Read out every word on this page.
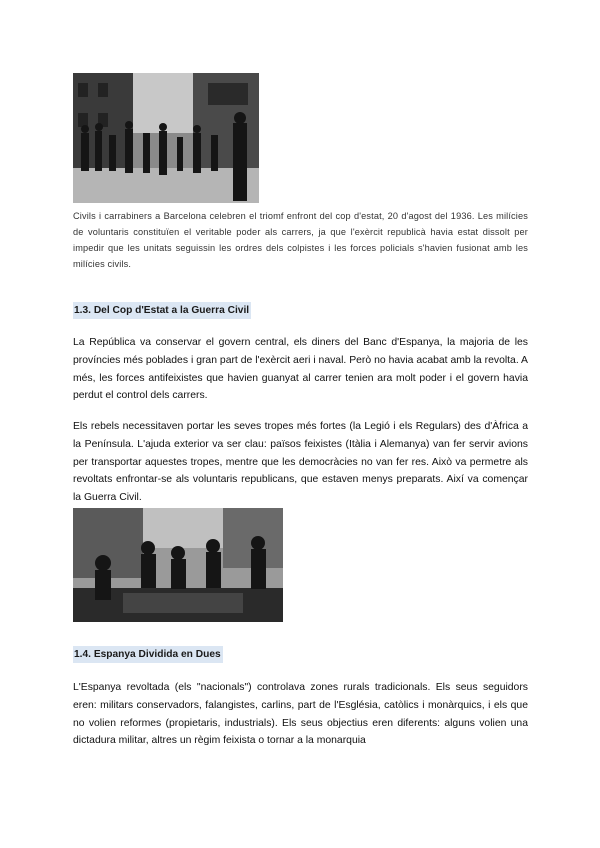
Civils i carrabiners a Barcelona celebren el triomf enfront del cop d'estat, 20 d'agost del 1936. Les milícies de voluntaris constituïen el veritable poder als carrers, ja que l'exèrcit republicà havia estat dissolt per impedir que les unitats seguissin les ordres dels colpistes i les forces policials s'havien fusionat amb les milícies civils.
1.3. Del Cop d'Estat a la Guerra Civil

La República va conservar el govern central, els diners del Banc d'Espanya, la majoria de les províncies més poblades i gran part de l'exèrcit aeri i naval. Però no havia acabat amb la revolta. A més, les forces antifeixistes que havien guanyat al carrer tenien ara molt poder i el govern havia perdut el control dels carrers.

Els rebels necessitaven portar les seves tropes més fortes (la Legió i els Regulars) des d'Àfrica a la Península. L'ajuda exterior va ser clau: països feixistes (Itàlia i Alemanya) van fer servir avions per transportar aquestes tropes, mentre que les democràcies no van fer res. Això va permetre als revoltats enfrontar-se als voluntaris republicans, que estaven menys preparats. Així va començar la Guerra Civil.

1.4. Espanya Dividida en Dues

L'Espanya revoltada (els "nacionals") controlava zones rurals tradicionals. Els seus seguidors eren: militars conservadors, falangistes, carlins, part de l'Església, catòlics i monàrquics, i els que no volien reformes (propietaris, industrials). Els seus objectius eren diferents: alguns volien una dictadura militar, altres un règim feixista o tornar a la monarquia
